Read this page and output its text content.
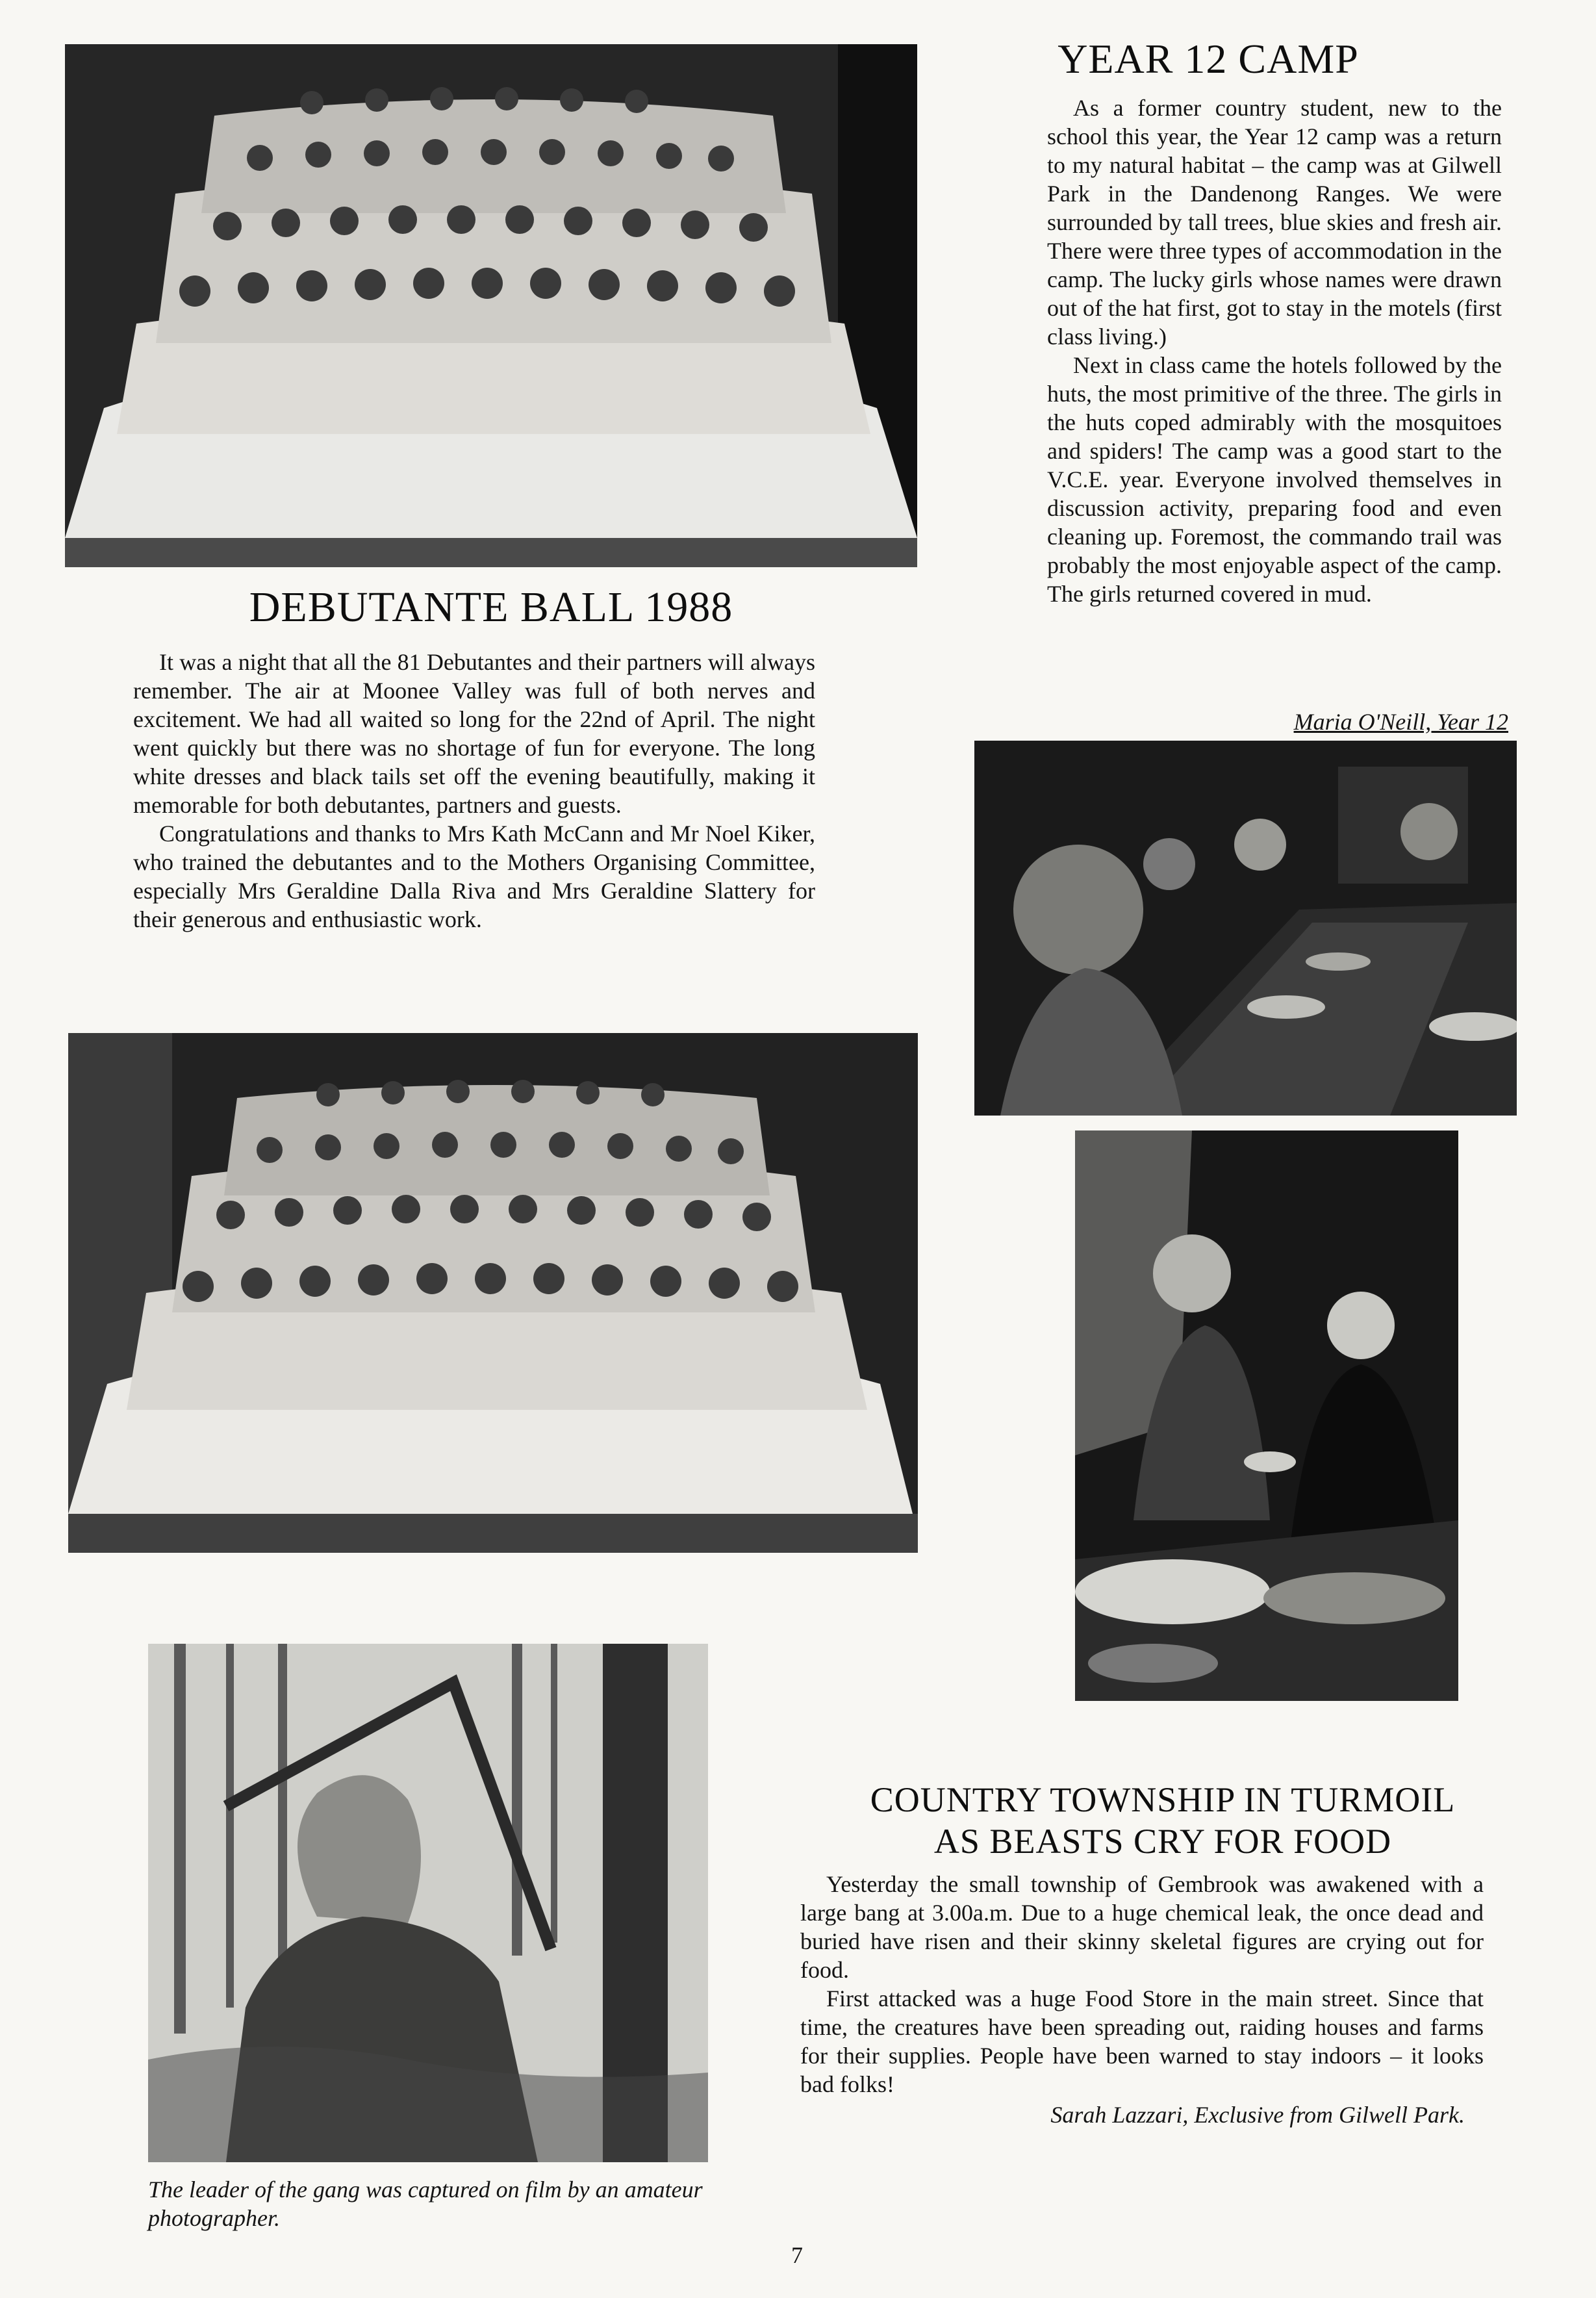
DEBUTANTE BALL 1988

It was a night that all the 81 Debutantes and their partners will always remember. The air at Moonee Valley was full of both nerves and excitement. We had all waited so long for the 22nd of April. The night went quickly but there was no shortage of fun for everyone. The long white dresses and black tails set off the evening beautifully, making it memorable for both debutantes, partners and guests.

Congratulations and thanks to Mrs Kath McCann and Mr Noel Kiker, who trained the debutantes and to the Mothers Organising Committee, especially Mrs Geraldine Dalla Riva and Mrs Geraldine Slattery for their generous and enthusiastic work.

The leader of the gang was captured on film by an amateur photographer.

YEAR 12 CAMP

As a former country student, new to the school this year, the Year 12 camp was a return to my natural habitat – the camp was at Gilwell Park in the Dandenong Ranges. We were surrounded by tall trees, blue skies and fresh air. There were three types of accommodation in the camp. The lucky girls whose names were drawn out of the hat first, got to stay in the motels (first class living.)

Next in class came the hotels followed by the huts, the most primitive of the three. The girls in the huts coped admirably with the mosquitoes and spiders! The camp was a good start to the V.C.E. year. Everyone involved themselves in discussion activity, preparing food and even cleaning up. Foremost, the commando trail was probably the most enjoyable aspect of the camp. The girls returned covered in mud.

Maria O'Neill, Year 12

COUNTRY TOWNSHIP IN TURMOIL
AS BEASTS CRY FOR FOOD

Yesterday the small township of Gembrook was awakened with a large bang at 3.00a.m. Due to a huge chemical leak, the once dead and buried have risen and their skinny skeletal figures are crying out for food.

First attacked was a huge Food Store in the main street. Since that time, the creatures have been spreading out, raiding houses and farms for their supplies. People have been warned to stay indoors – it looks bad folks!

Sarah Lazzari, Exclusive from Gilwell Park.

7
